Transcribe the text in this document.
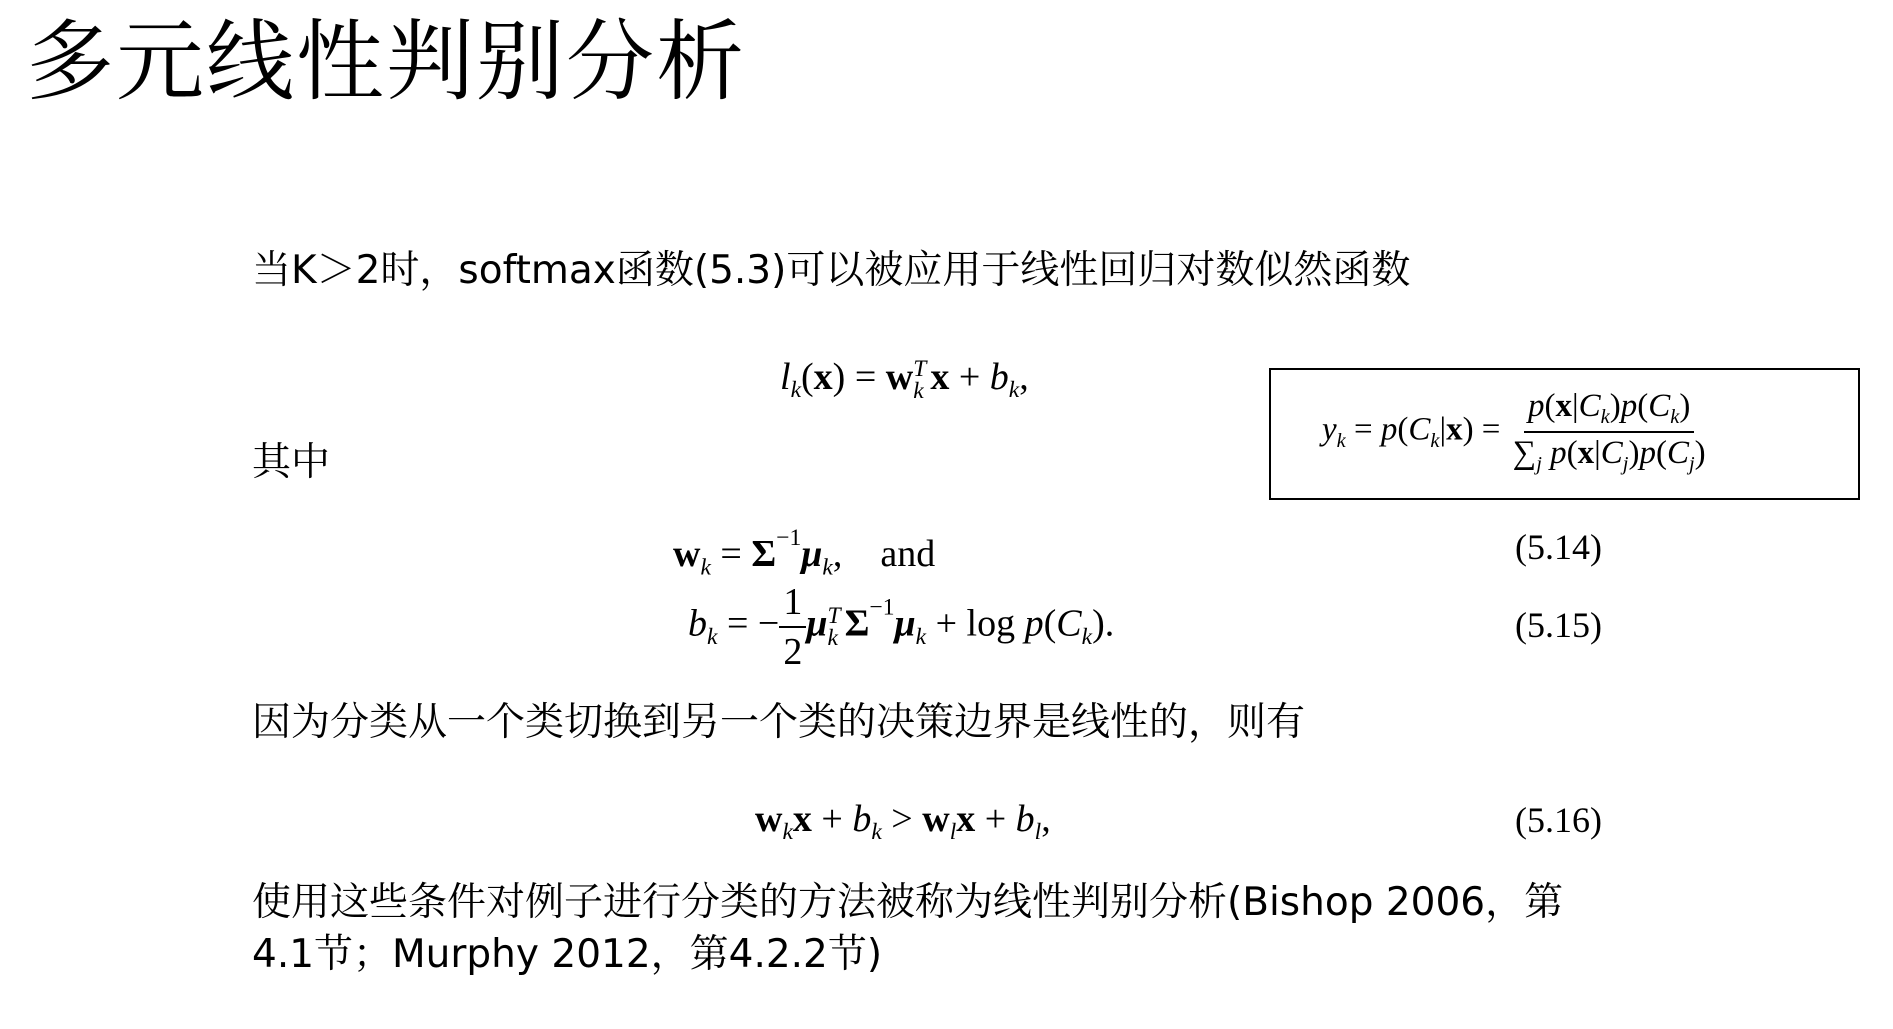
多元线性判别分析
当K＞2时，softmax函数(5.3)可以被应用于线性回归对数似然函数
$l_k(x) = w$ T
k $x + b_k$,
$y_k = p(C_k|x) = \frac{p(x|C_k)p(C_k)}{\sum_j p(x|C_j)p(C_j)}$
其中
$w_k = \Sigma^{-1}\mu_k$,    and	(5.14)
$b_k$ = − $\frac{1}{2}$ μ T
k $\Sigma^{-1}\mu_k + \log p(C_k)$.	(5.15)
因为分类从一个类切换到另一个类的决策边界是线性的，则有
$w_kx + b_k > w_lx + b_l$,	(5.16)
使用这些条件对例子进行分类的方法被称为线性判别分析(Bishop 2006，第
4.1节；Murphy 2012，第4.2.2节)
